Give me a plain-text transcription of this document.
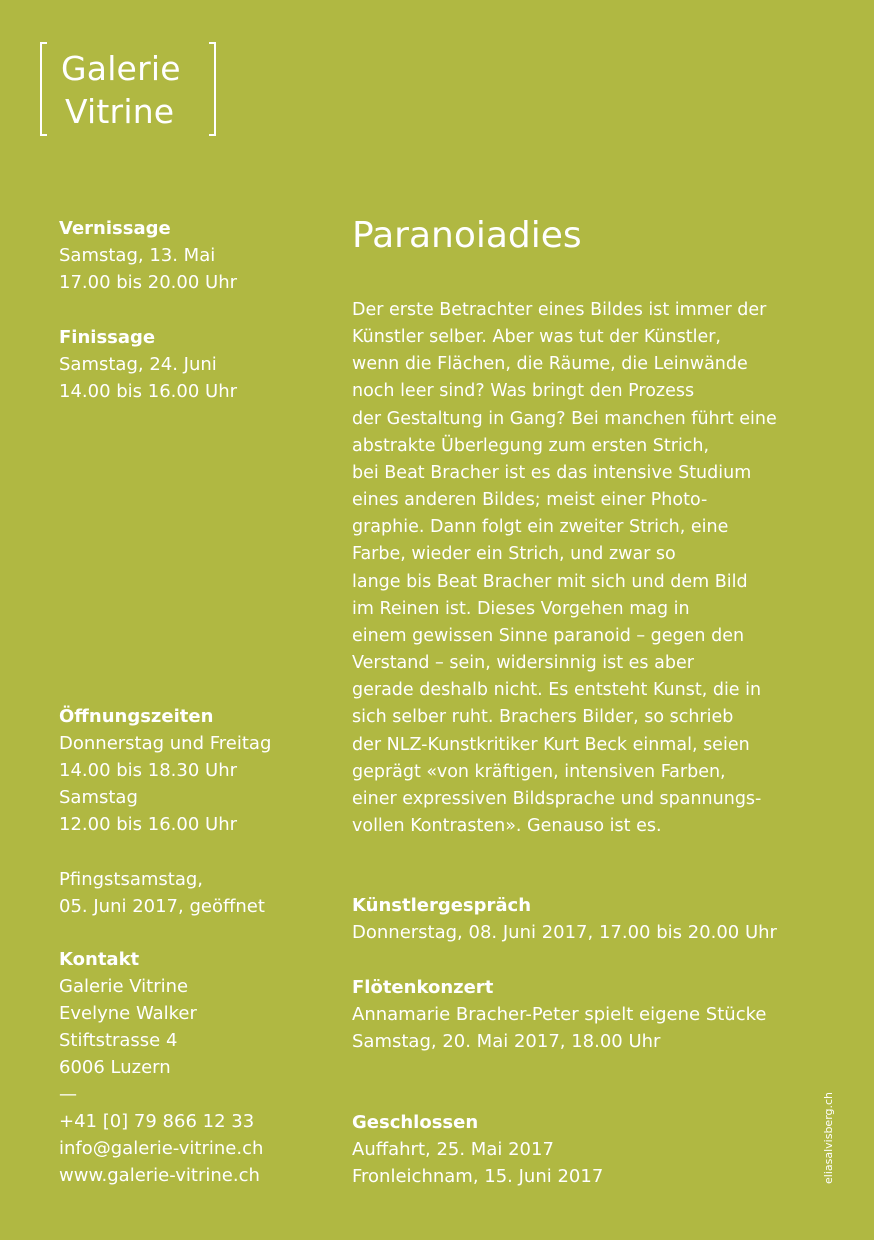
Galerie
Vitrine
Vernissage
Samstag, 13. Mai
17.00 bis 20.00 Uhr
Finissage
Samstag, 24. Juni
14.00 bis 16.00 Uhr
Öffnungszeiten
Donnerstag und Freitag
14.00 bis 18.30 Uhr
Samstag
12.00 bis 16.00 Uhr
Pfingstsamstag,
05. Juni 2017, geöffnet
Kontakt
Galerie Vitrine
Evelyne Walker
Stiftstrasse 4
6006 Luzern
—
+41 [0] 79 866 12 33
info@galerie-vitrine.ch
www.galerie-vitrine.ch
Paranoiadies
Der erste Betrachter eines Bildes ist immer der
Künstler selber. Aber was tut der Künstler,
wenn die Flächen, die Räume, die Leinwände
noch leer sind? Was bringt den Prozess
der Gestaltung in Gang? Bei manchen führt eine
abstrakte Überlegung zum ersten Strich,
bei Beat Bracher ist es das intensive Studium
eines anderen Bildes; meist einer Photo-
graphie. Dann folgt ein zweiter Strich, eine
Farbe, wieder ein Strich, und zwar so
lange bis Beat Bracher mit sich und dem Bild
im Reinen ist. Dieses Vorgehen mag in
einem gewissen Sinne paranoid – gegen den
Verstand – sein, widersinnig ist es aber
gerade deshalb nicht. Es entsteht Kunst, die in
sich selber ruht. Brachers Bilder, so schrieb
der NLZ-Kunstkritiker Kurt Beck einmal, seien
geprägt «von kräftigen, intensiven Farben,
einer expressiven Bildsprache und spannungs-
vollen Kontrasten». Genauso ist es.
Künstlergespräch
Donnerstag, 08. Juni 2017, 17.00 bis 20.00 Uhr
Flötenkonzert
Annamarie Bracher-Peter spielt eigene Stücke
Samstag, 20. Mai 2017, 18.00 Uhr
Geschlossen
Auffahrt, 25. Mai 2017
Fronleichnam, 15. Juni 2017	eliasalvisberg.ch
